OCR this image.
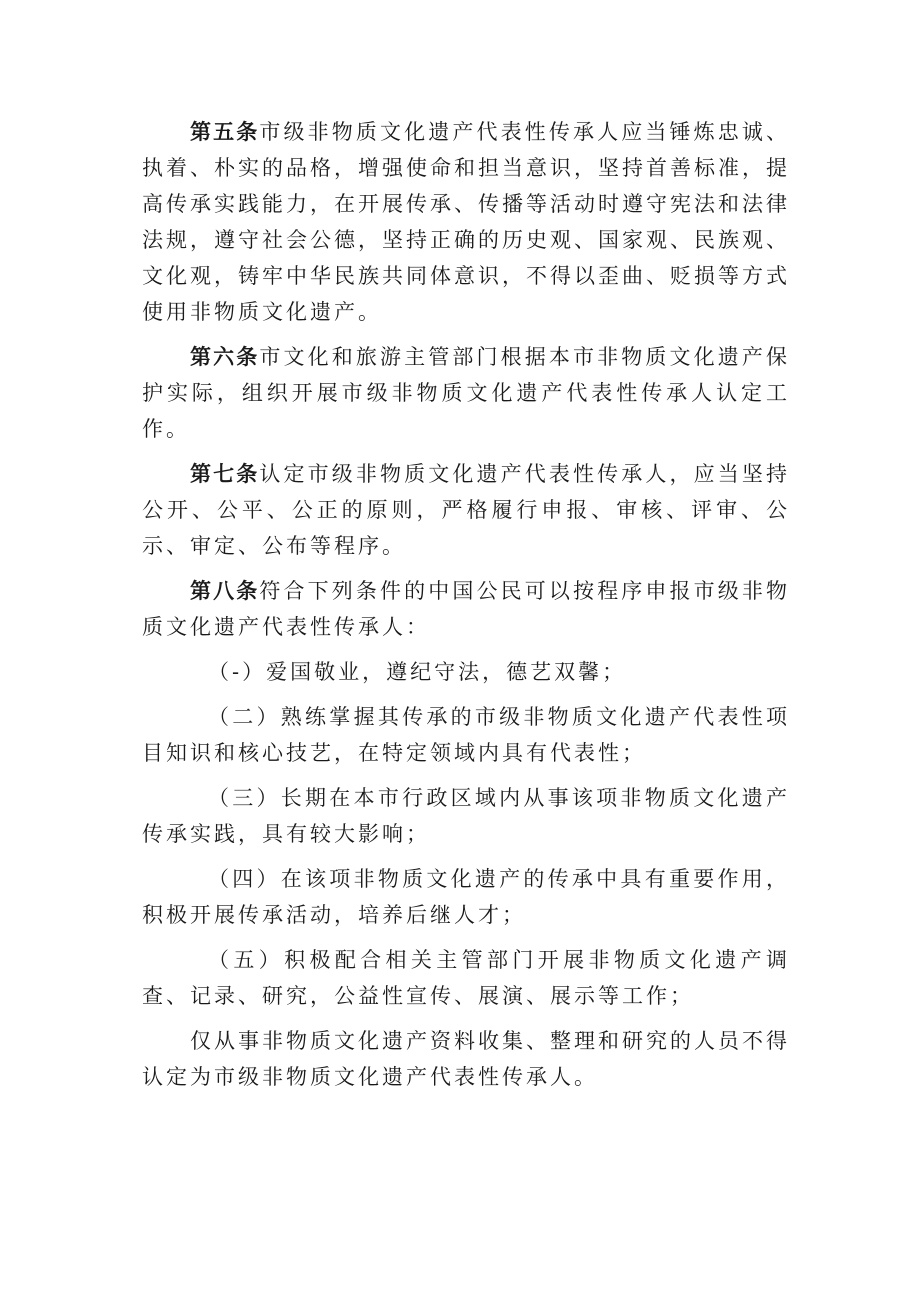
第五条市级非物质文化遗产代表性传承人应当锤炼忠诚、执着、朴实的品格，增强使命和担当意识，坚持首善标准，提高传承实践能力，在开展传承、传播等活动时遵守宪法和法律法规，遵守社会公德，坚持正确的历史观、国家观、民族观、文化观，铸牢中华民族共同体意识，不得以歪曲、贬损等方式使用非物质文化遗产。

第六条市文化和旅游主管部门根据本市非物质文化遗产保护实际，组织开展市级非物质文化遗产代表性传承人认定工作。

第七条认定市级非物质文化遗产代表性传承人，应当坚持公开、公平、公正的原则，严格履行申报、审核、评审、公示、审定、公布等程序。

第八条符合下列条件的中国公民可以按程序申报市级非物质文化遗产代表性传承人：

（-）爱国敬业，遵纪守法，德艺双馨；

（二）熟练掌握其传承的市级非物质文化遗产代表性项目知识和核心技艺，在特定领域内具有代表性；

（三）长期在本市行政区域内从事该项非物质文化遗产传承实践，具有较大影响；

（四）在该项非物质文化遗产的传承中具有重要作用，积极开展传承活动，培养后继人才；

（五）积极配合相关主管部门开展非物质文化遗产调查、记录、研究，公益性宣传、展演、展示等工作；

仅从事非物质文化遗产资料收集、整理和研究的人员不得认定为市级非物质文化遗产代表性传承人。
